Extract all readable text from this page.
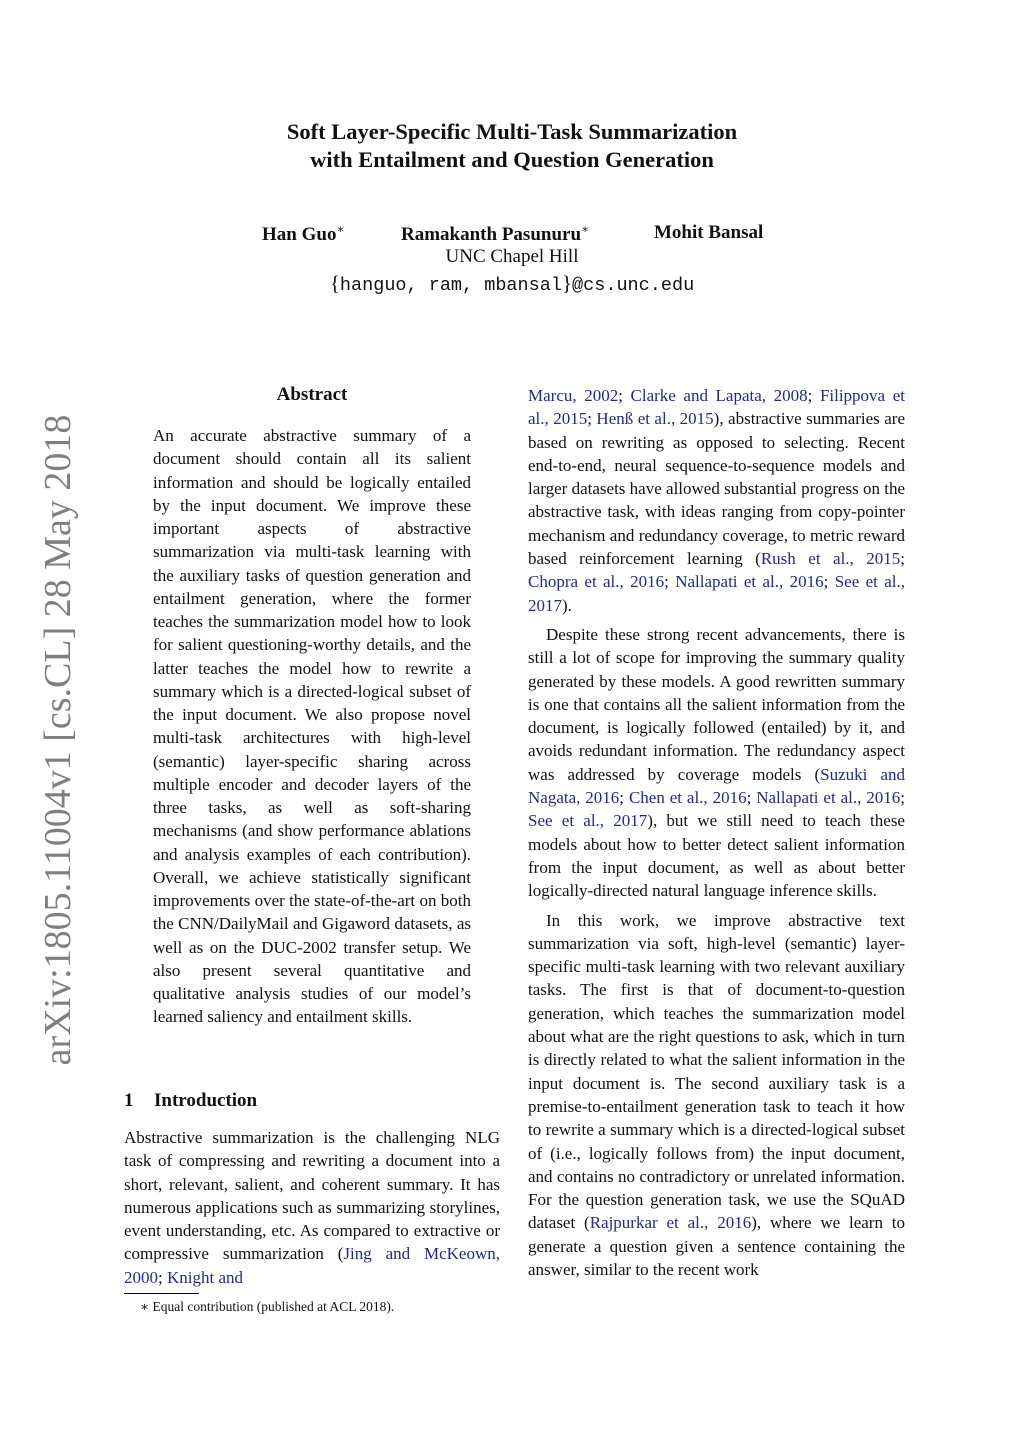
Soft Layer-Specific Multi-Task Summarization
with Entailment and Question Generation
Han Guo∗	Ramakanth Pasunuru∗	Mohit Bansal
UNC Chapel Hill
{hanguo, ram, mbansal}@cs.unc.edu
arXiv:1805.11004v1 [cs.CL] 28 May 2018
Abstract
An accurate abstractive summary of a document should contain all its salient information and should be logically entailed by the input document. We improve these important aspects of abstractive summarization via multi-task learning with the auxiliary tasks of question generation and entailment generation, where the former teaches the summarization model how to look for salient questioning-worthy details, and the latter teaches the model how to rewrite a summary which is a directed-logical subset of the input document. We also propose novel multi-task architectures with high-level (semantic) layer-specific sharing across multiple encoder and decoder layers of the three tasks, as well as soft-sharing mechanisms (and show performance ablations and analysis examples of each contribution). Overall, we achieve statistically significant improvements over the state-of-the-art on both the CNN/DailyMail and Gigaword datasets, as well as on the DUC-2002 transfer setup. We also present several quantitative and qualitative analysis studies of our model’s learned saliency and entailment skills.
1 Introduction
Abstractive summarization is the challenging NLG task of compressing and rewriting a document into a short, relevant, salient, and coherent summary. It has numerous applications such as summarizing storylines, event understanding, etc. As compared to extractive or compressive summarization (Jing and McKeown, 2000; Knight and
∗ Equal contribution (published at ACL 2018).

Marcu, 2002; Clarke and Lapata, 2008; Filippova et al., 2015; Henß et al., 2015), abstractive summaries are based on rewriting as opposed to selecting. Recent end-to-end, neural sequence-to-sequence models and larger datasets have allowed substantial progress on the abstractive task, with ideas ranging from copy-pointer mechanism and redundancy coverage, to metric reward based reinforcement learning (Rush et al., 2015; Chopra et al., 2016; Nallapati et al., 2016; See et al., 2017).

Despite these strong recent advancements, there is still a lot of scope for improving the summary quality generated by these models. A good rewritten summary is one that contains all the salient information from the document, is logically followed (entailed) by it, and avoids redundant information. The redundancy aspect was addressed by coverage models (Suzuki and Nagata, 2016; Chen et al., 2016; Nallapati et al., 2016; See et al., 2017), but we still need to teach these models about how to better detect salient information from the input document, as well as about better logically-directed natural language inference skills.

In this work, we improve abstractive text summarization via soft, high-level (semantic) layer-specific multi-task learning with two relevant auxiliary tasks. The first is that of document-to-question generation, which teaches the summarization model about what are the right questions to ask, which in turn is directly related to what the salient information in the input document is. The second auxiliary task is a premise-to-entailment generation task to teach it how to rewrite a summary which is a directed-logical subset of (i.e., logically follows from) the input document, and contains no contradictory or unrelated information. For the question generation task, we use the SQuAD dataset (Rajpurkar et al., 2016), where we learn to generate a question given a sentence containing the answer, similar to the recent work
